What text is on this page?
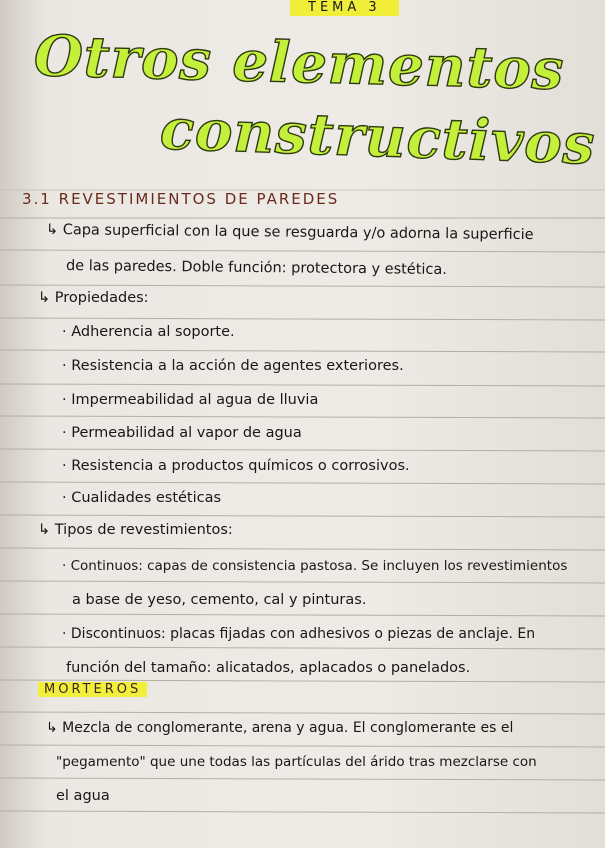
TEMA 3
Otros elementos
constructivos
3.1 REVESTIMIENTOS DE PAREDES
↳ Capa superficial con la que se resguarda y/o adorna la superficie
de las paredes. Doble función: protectora y estética.
↳ Propiedades:
· Adherencia al soporte.
· Resistencia a la acción de agentes exteriores.
· Impermeabilidad al agua de lluvia
· Permeabilidad al vapor de agua
· Resistencia a productos químicos o corrosivos.
· Cualidades estéticas
↳ Tipos de revestimientos:
· Continuos: capas de consistencia pastosa. Se incluyen los revestimientos
a base de yeso, cemento, cal y pinturas.
· Discontinuos: placas fijadas con adhesivos o piezas de anclaje. En
función del tamaño: alicatados, aplacados o panelados.
MORTEROS
↳ Mezcla de conglomerante, arena y agua. El conglomerante es el
"pegamento" que une todas las partículas del árido tras mezclarse con
el agua
